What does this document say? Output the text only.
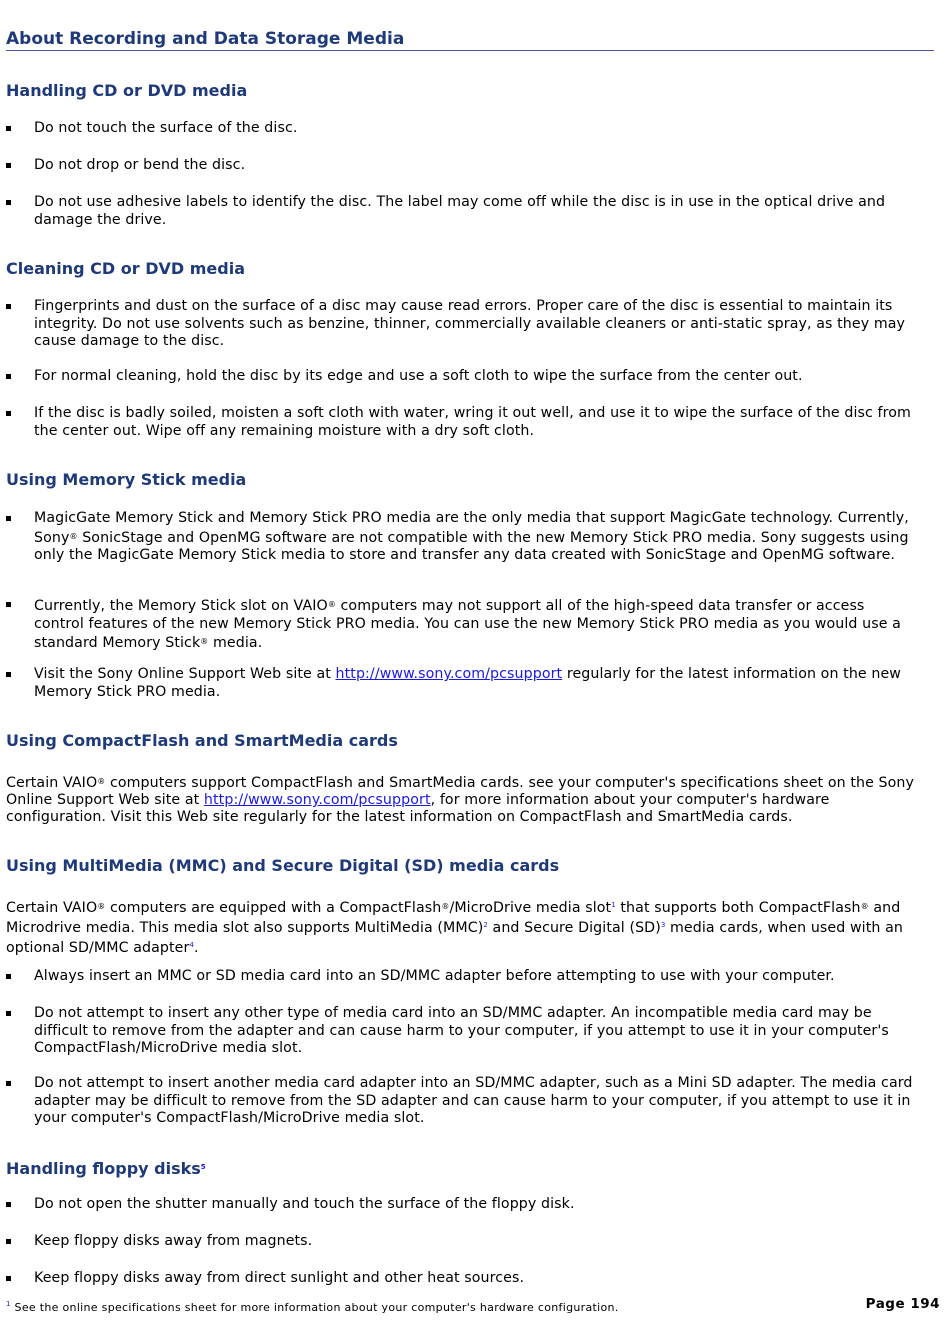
About Recording and Data Storage Media
Handling CD or DVD media
Do not touch the surface of the disc.
Do not drop or bend the disc.
Do not use adhesive labels to identify the disc. The label may come off while the disc is in use in the optical drive and damage the drive.
Cleaning CD or DVD media
Fingerprints and dust on the surface of a disc may cause read errors. Proper care of the disc is essential to maintain its integrity. Do not use solvents such as benzine, thinner, commercially available cleaners or anti-static spray, as they may cause damage to the disc.
For normal cleaning, hold the disc by its edge and use a soft cloth to wipe the surface from the center out.
If the disc is badly soiled, moisten a soft cloth with water, wring it out well, and use it to wipe the surface of the disc from the center out. Wipe off any remaining moisture with a dry soft cloth.
Using Memory Stick media
MagicGate Memory Stick and Memory Stick PRO media are the only media that support MagicGate technology. Currently, Sony® SonicStage and OpenMG software are not compatible with the new Memory Stick PRO media. Sony suggests using only the MagicGate Memory Stick media to store and transfer any data created with SonicStage and OpenMG software.
Currently, the Memory Stick slot on VAIO® computers may not support all of the high-speed data transfer or access control features of the new Memory Stick PRO media. You can use the new Memory Stick PRO media as you would use a standard Memory Stick® media.
Visit the Sony Online Support Web site at http://www.sony.com/pcsupport regularly for the latest information on the new Memory Stick PRO media.
Using CompactFlash and SmartMedia cards
Certain VAIO® computers support CompactFlash and SmartMedia cards. see your computer's specifications sheet on the Sony Online Support Web site at http://www.sony.com/pcsupport, for more information about your computer's hardware configuration. Visit this Web site regularly for the latest information on CompactFlash and SmartMedia cards.
Using MultiMedia (MMC) and Secure Digital (SD) media cards
Certain VAIO® computers are equipped with a CompactFlash®/MicroDrive media slot$^1$ that supports both CompactFlash® and Microdrive media. This media slot also supports MultiMedia (MMC)$^2$ and Secure Digital (SD)$^3$ media cards, when used with an optional SD/MMC adapter$^4$.
Always insert an MMC or SD media card into an SD/MMC adapter before attempting to use with your computer.
Do not attempt to insert any other type of media card into an SD/MMC adapter. An incompatible media card may be difficult to remove from the adapter and can cause harm to your computer, if you attempt to use it in your computer's CompactFlash/MicroDrive media slot.
Do not attempt to insert another media card adapter into an SD/MMC adapter, such as a Mini SD adapter. The media card adapter may be difficult to remove from the SD adapter and can cause harm to your computer, if you attempt to use it in your computer's CompactFlash/MicroDrive media slot.
Handling floppy disks$^5$
Do not open the shutter manually and touch the surface of the floppy disk.
Keep floppy disks away from magnets.
Keep floppy disks away from direct sunlight and other heat sources.
$^1$ See the online specifications sheet for more information about your computer's hardware configuration.	Page 194
